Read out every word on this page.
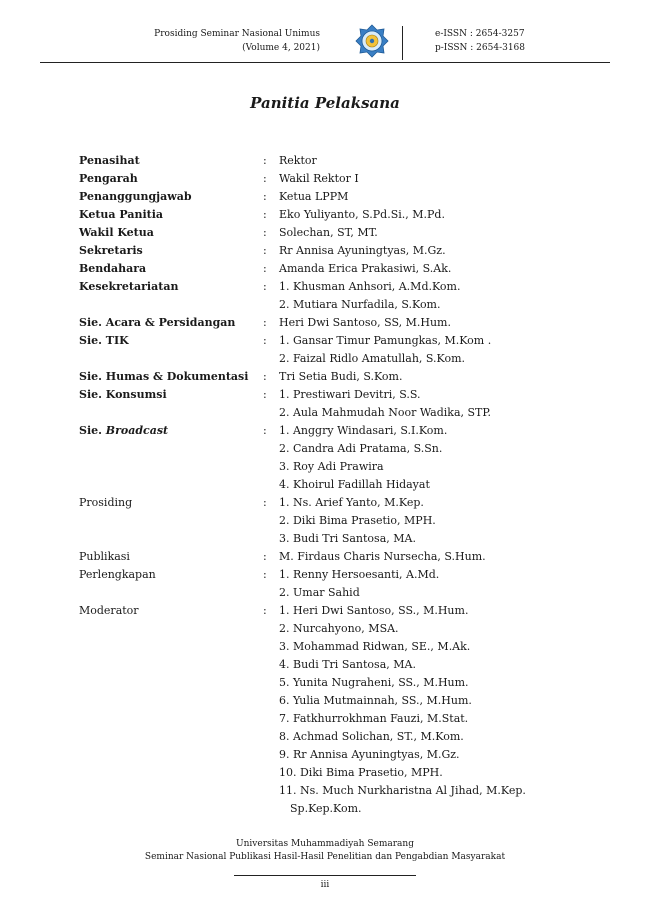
Prosiding Seminar Nasional Unimus
(Volume 4, 2021)
e-ISSN : 2654-3257
p-ISSN : 2654-3168
Panitia Pelaksana
Penasihat	:	Rektor
Pengarah	:	Wakil Rektor I
Penanggungjawab	:	Ketua LPPM
Ketua Panitia	:	Eko Yuliyanto, S.Pd.Si., M.Pd.
Wakil Ketua	:	Solechan, ST, MT.
Sekretaris	:	Rr Annisa Ayuningtyas, M.Gz.
Bendahara	:	Amanda Erica Prakasiwi, S.Ak.
Kesekretariatan	:	1. Khusman Anhsori, A.Md.Kom.
2. Mutiara Nurfadila, S.Kom.
Sie. Acara & Persidangan	:	Heri Dwi Santoso, SS, M.Hum.
Sie. TIK	:	1. Gansar Timur Pamungkas, M.Kom .
2. Faizal Ridlo Amatullah, S.Kom.
Sie. Humas & Dokumentasi	:	Tri Setia Budi, S.Kom.
Sie. Konsumsi	:	1. Prestiwari Devitri, S.S.
2. Aula Mahmudah Noor Wadika, STP.
Sie. Broadcast	:	1. Anggry Windasari, S.I.Kom.
2. Candra Adi Pratama, S.Sn.
3. Roy Adi Prawira
4. Khoirul Fadillah Hidayat
Prosiding	:	1. Ns. Arief Yanto, M.Kep.
2. Diki Bima Prasetio, MPH.
3. Budi Tri Santosa, MA.
Publikasi	:	M. Firdaus Charis Nursecha, S.Hum.
Perlengkapan	:	1. Renny Hersoesanti, A.Md.
2. Umar Sahid
Moderator	:	1. Heri Dwi Santoso, SS., M.Hum.
2. Nurcahyono, MSA.
3. Mohammad Ridwan, SE., M.Ak.
4. Budi Tri Santosa, MA.
5. Yunita Nugraheni, SS., M.Hum.
6. Yulia Mutmainnah, SS., M.Hum.
7. Fatkhurrokhman Fauzi, M.Stat.
8. Achmad Solichan, ST., M.Kom.
9. Rr Annisa Ayuningtyas, M.Gz.
10. Diki Bima Prasetio, MPH.
11. Ns. Much Nurkharistna Al Jihad, M.Kep.
Sp.Kep.Kom.
Universitas Muhammadiyah Semarang
Seminar Nasional Publikasi Hasil-Hasil Penelitian dan Pengabdian Masyarakat
iii
